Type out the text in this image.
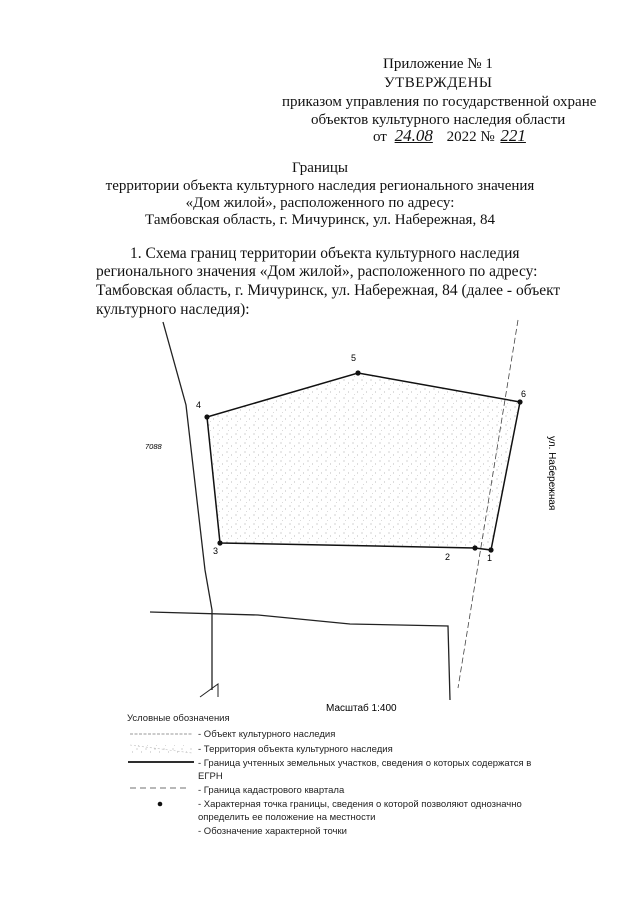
Приложение № 1
УТВЕРЖДЕНЫ
приказом управления по государственной охране
объектов культурного наследия области
от 24.08 2022 № 221
Границы
территории объекта культурного наследия регионального значения
«Дом жилой», расположенного по адресу:
Тамбовская область, г. Мичуринск, ул. Набережная, 84
1. Схема границ территории объекта культурного наследия
регионального значения «Дом жилой», расположенного по адресу:
Тамбовская область, г. Мичуринск, ул. Набережная, 84 (далее - объект
культурного наследия):
5
4
6
3
2	1
7088	ул. Набережная
Масштаб 1:400
Условные обозначения
- Объект культурного наследия
- Территория объекта культурного наследия
- Граница учтенных земельных участков, сведения о которых содержатся в
ЕГРН
- Граница кадастрового квартала
- Характерная точка границы, сведения о которой позволяют однозначно
определить ее положение на местности
- Обозначение характерной точки
